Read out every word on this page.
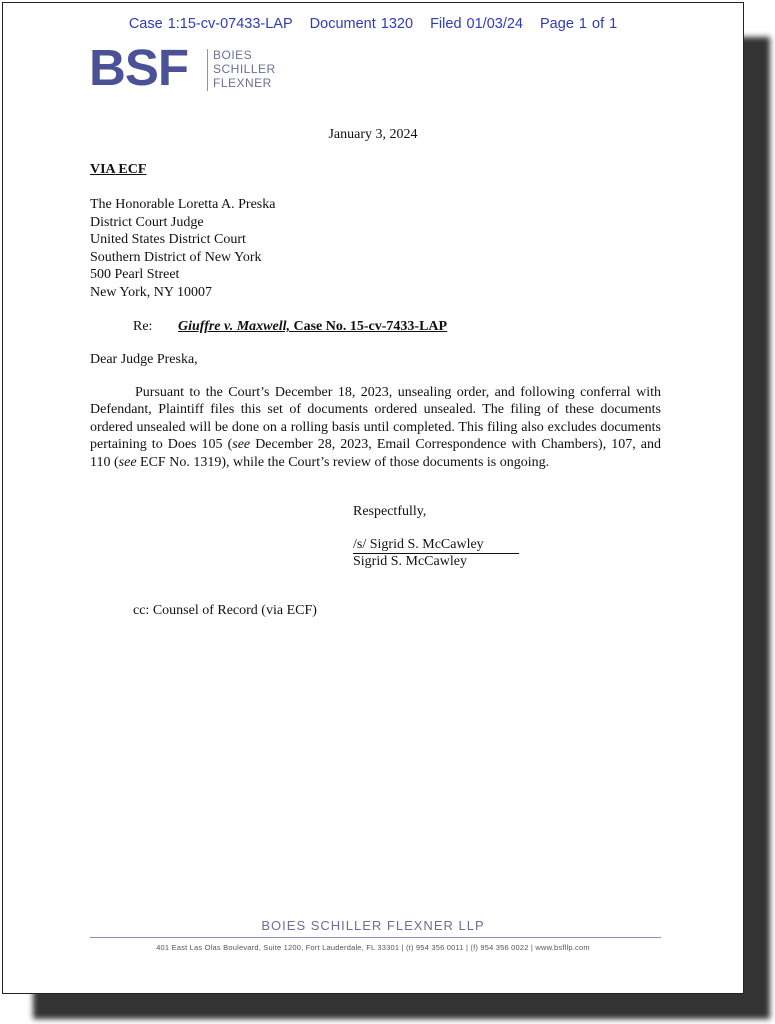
Case 1:15-cv-07433-LAP Document 1320 Filed 01/03/24 Page 1 of 1
BSF BOIES
SCHILLER
FLEXNER
January 3, 2024
VIA ECF
The Honorable Loretta A. Preska
District Court Judge
United States District Court
Southern District of New York
500 Pearl Street
New York, NY 10007
Re: Giuffre v. Maxwell, Case No. 15-cv-7433-LAP
Dear Judge Preska,
Pursuant to the Court’s December 18, 2023, unsealing order, and following conferral with Defendant, Plaintiff files this set of documents ordered unsealed. The filing of these documents ordered unsealed will be done on a rolling basis until completed. This filing also excludes documents pertaining to Does 105 (see December 28, 2023, Email Correspondence with Chambers), 107, and 110 (see ECF No. 1319), while the Court’s review of those documents is ongoing.
Respectfully,
/s/ Sigrid S. McCawley
Sigrid S. McCawley
cc: Counsel of Record (via ECF)
BOIES SCHILLER FLEXNER LLP
401 East Las Olas Boulevard, Suite 1200, Fort Lauderdale, FL 33301 | (t) 954 356 0011 | (f) 954 356 0022 | www.bsfllp.com
